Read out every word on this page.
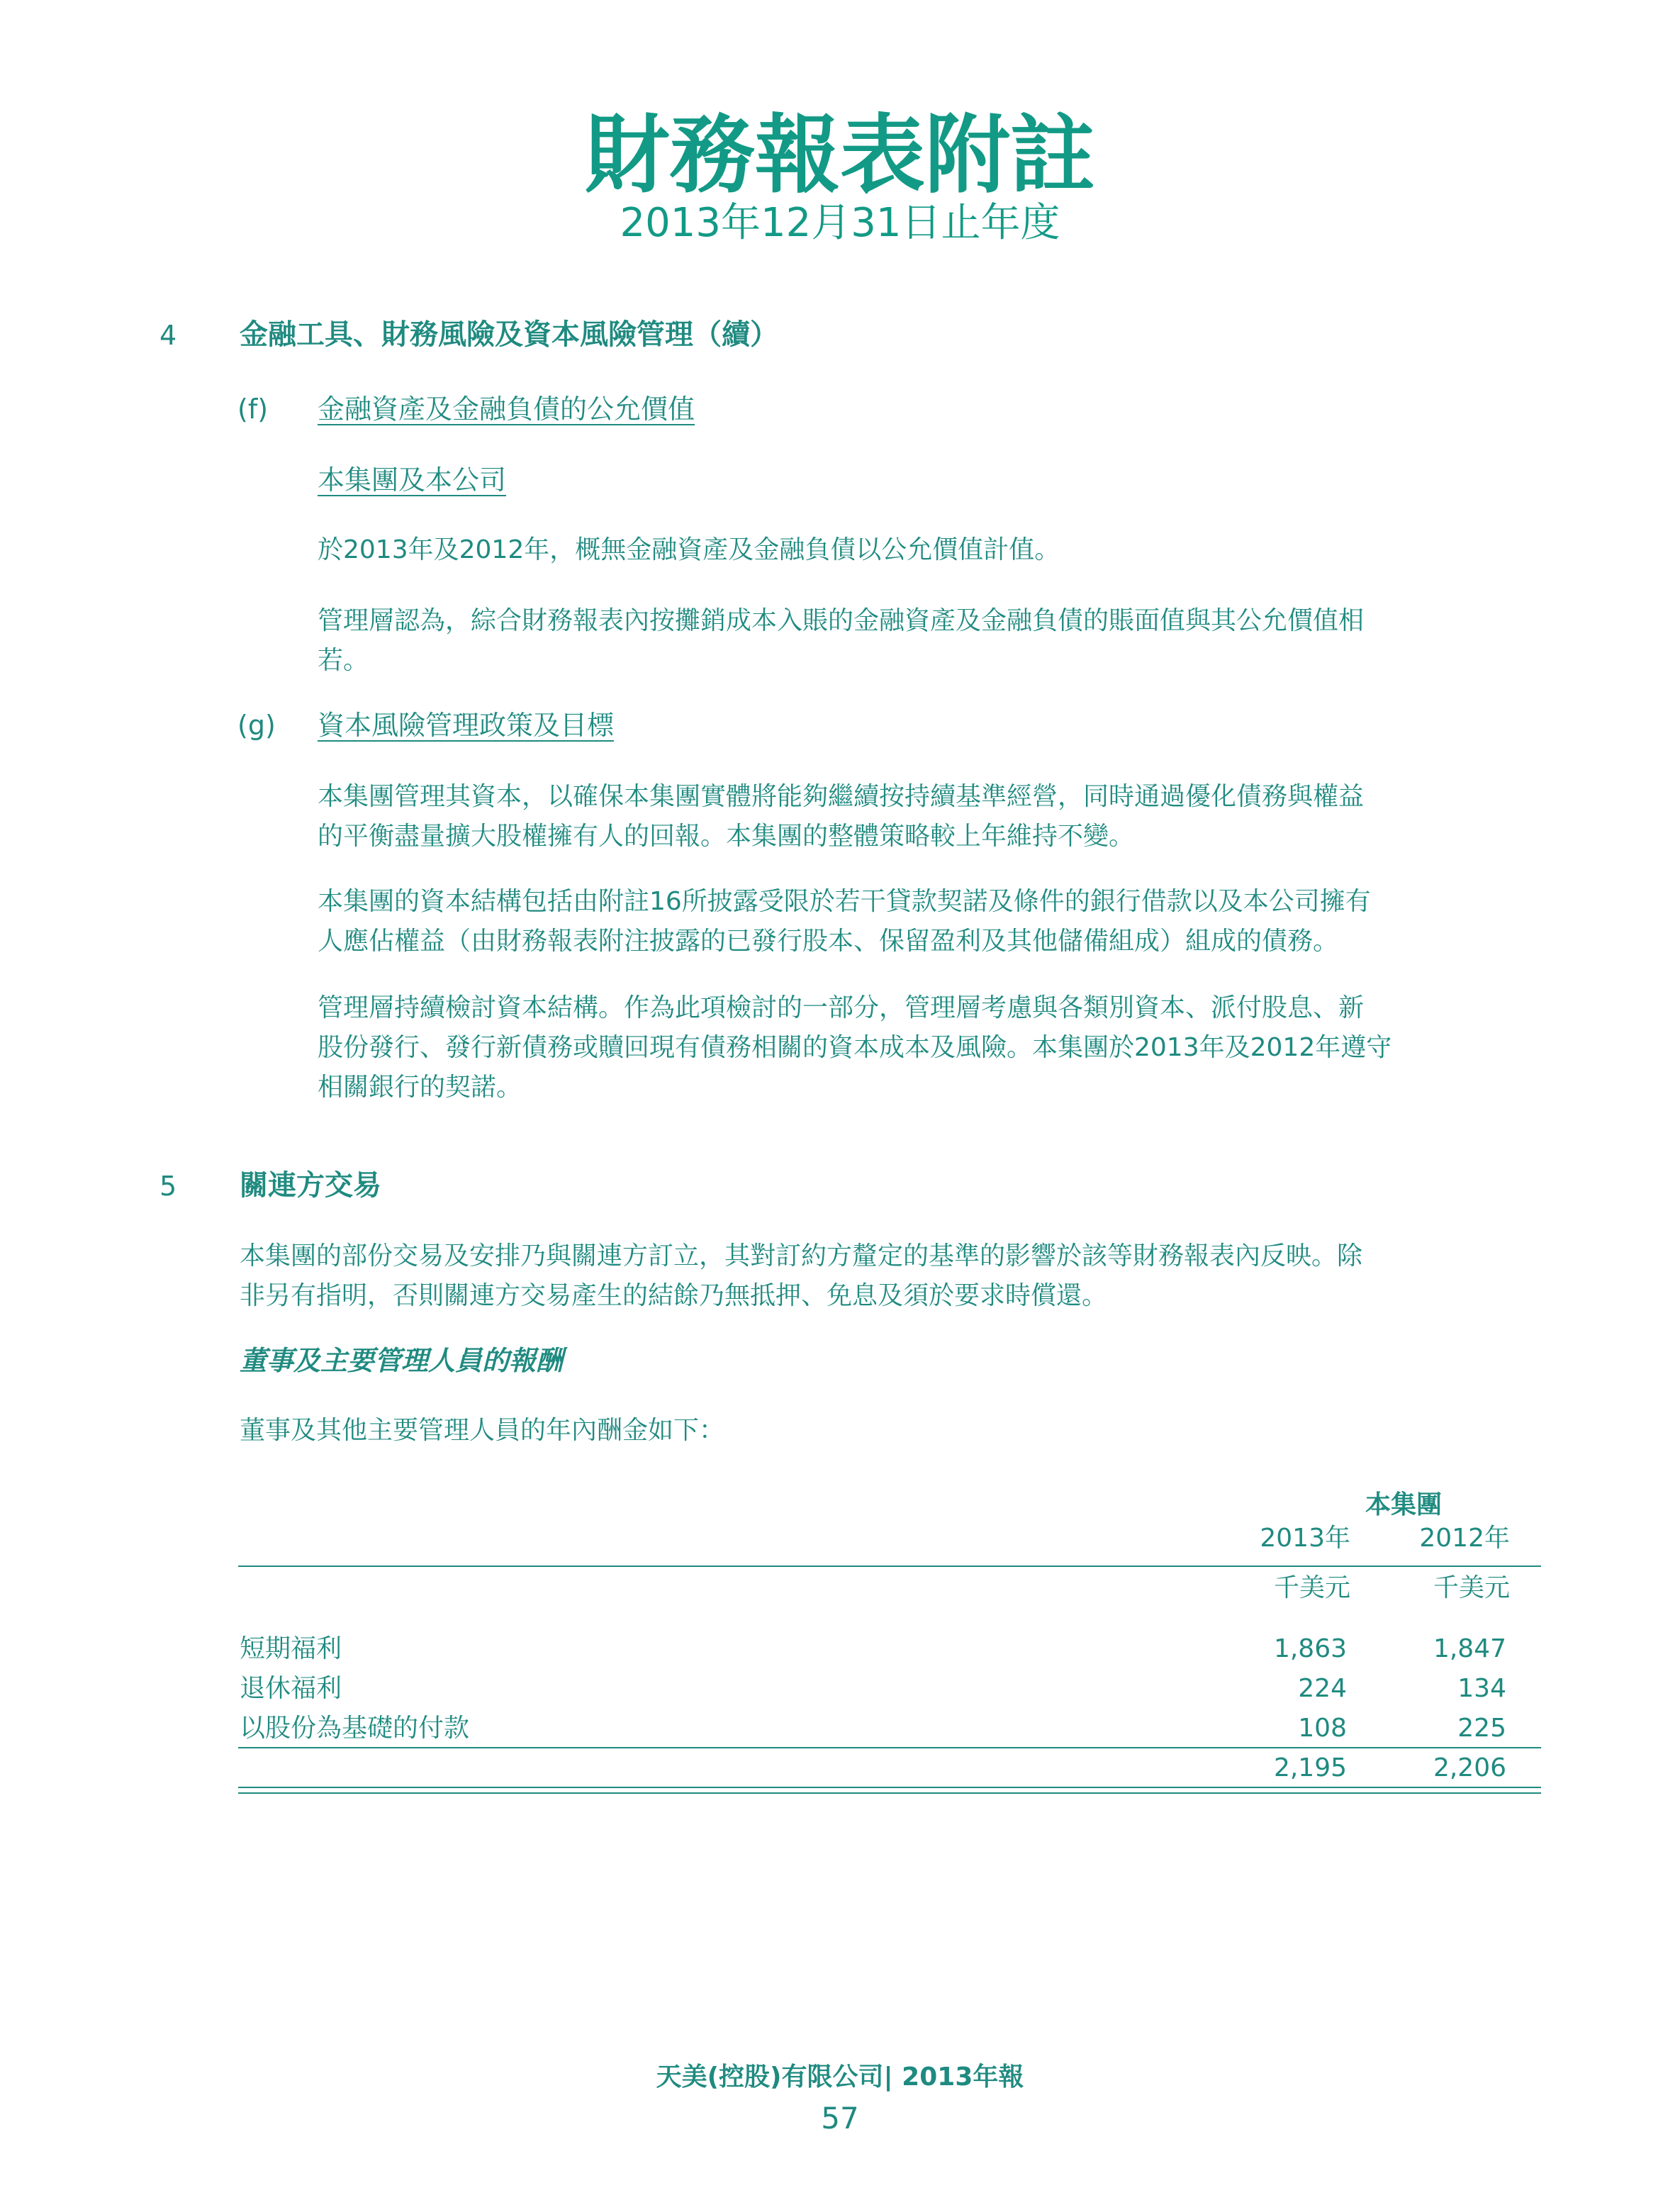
財務報表附註
2013年12月31日止年度
4 金融工具、財務風險及資本風險管理（續）
(f) 金融資產及金融負債的公允價值
本集團及本公司
於2013年及2012年，概無金融資產及金融負債以公允價值計值。
管理層認為，綜合財務報表內按攤銷成本入賬的金融資產及金融負債的賬面值與其公允價值相
若。
(g) 資本風險管理政策及目標
本集團管理其資本，以確保本集團實體將能夠繼續按持續基準經營，同時通過優化債務與權益
的平衡盡量擴大股權擁有人的回報。本集團的整體策略較上年維持不變。
本集團的資本結構包括由附註16所披露受限於若干貸款契諾及條件的銀行借款以及本公司擁有
人應佔權益（由財務報表附注披露的已發行股本、保留盈利及其他儲備組成）組成的債務。
管理層持續檢討資本結構。作為此項檢討的一部分，管理層考慮與各類別資本、派付股息、新
股份發行、發行新債務或贖回現有債務相關的資本成本及風險。本集團於2013年及2012年遵守
相關銀行的契諾。
5 關連方交易
本集團的部份交易及安排乃與關連方訂立，其對訂約方釐定的基準的影響於該等財務報表內反映。除
非另有指明，否則關連方交易產生的結餘乃無抵押、免息及須於要求時償還。
董事及主要管理人員的報酬
董事及其他主要管理人員的年內酬金如下：
本集團
2013年	2012年
千美元	千美元
短期福利	1,863	1,847
退休福利	224	134
以股份為基礎的付款	108	225
2,195	2,206
天美(控股)有限公司| 2013年報
57
